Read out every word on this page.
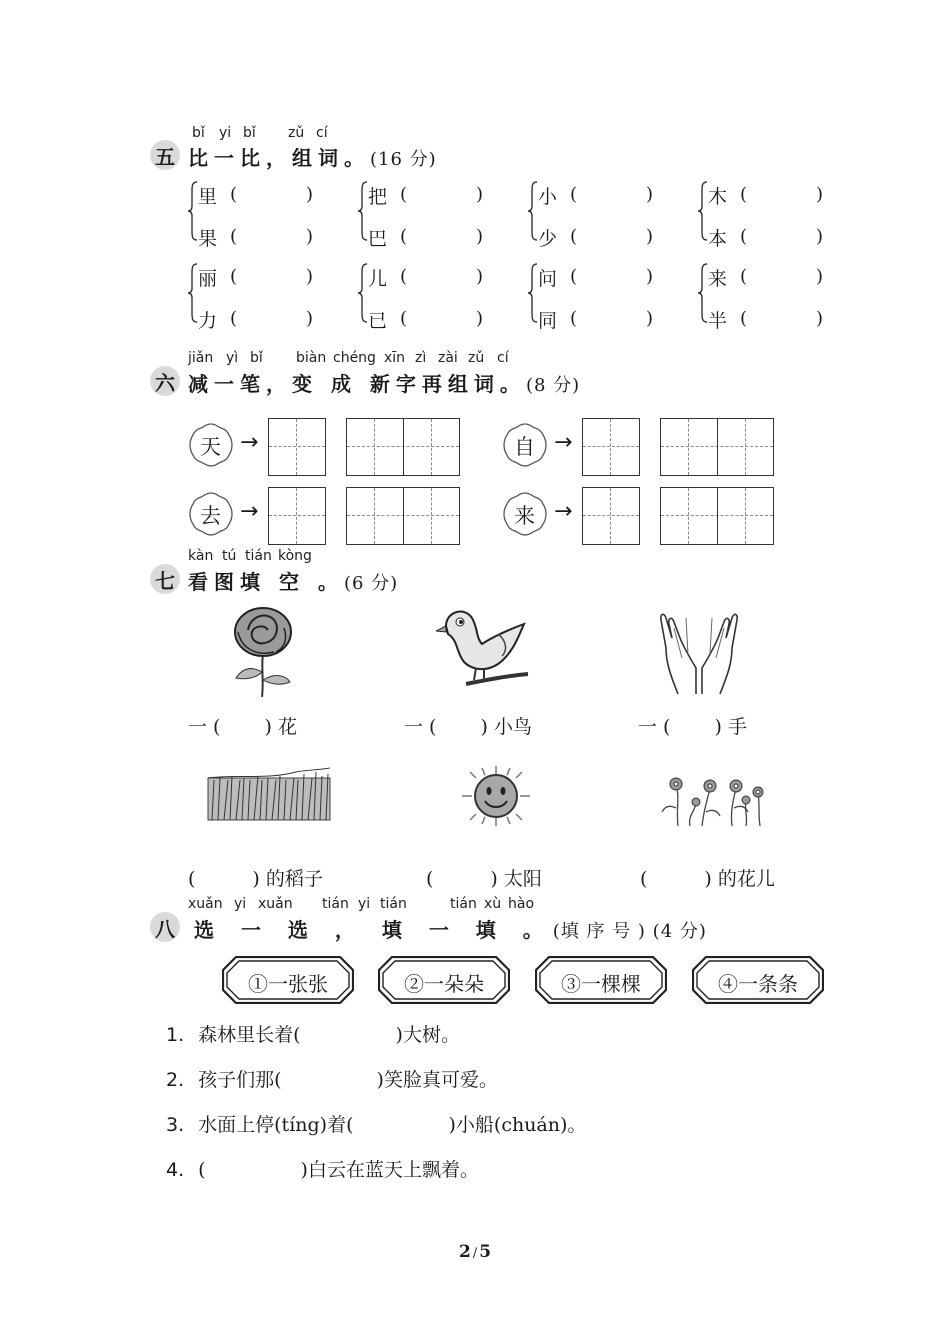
bǐ yi bǐ zǔ cí
五 比一比，组词。(16 分)
里 (	)
果 (	)
把 (	)
巴 (	)
小 (	)
少 (	)
木 (	)
本 (	)
丽 (	)
力 (	)
儿 (	)
已 (	)
问 (	)
同 (	)
来 (	)
半 (	)
jiǎn yì bǐ biàn chéng xīn zì zài zǔ cí
六 减一笔，变 成 新字再组词。(8 分)
天 →	自 →
去 →	来 →
kàn tú tián kòng
七 看图填 空 。(6 分)
一 (　　 ) 花	一 (　　 ) 小鸟	一 (　　 ) 手
(　　　) 的稻子	(　　　) 太阳	(　　　) 的花儿
xuǎn yi xuǎn tián yi tián	tián xù hào
八 选 一 选 ， 填 一 填 。(填 序 号 ) (4 分)
①一张张	②一朵朵	③一棵棵	④一条条
1. 森林里长着(　　　　　)大树。
2. 孩子们那(　　　　　)笑脸真可爱。
3. 水面上停(tíng)着(　　　　　)小船(chuán)。
4. (　　　　　)白云在蓝天上飘着。
2 / 5
